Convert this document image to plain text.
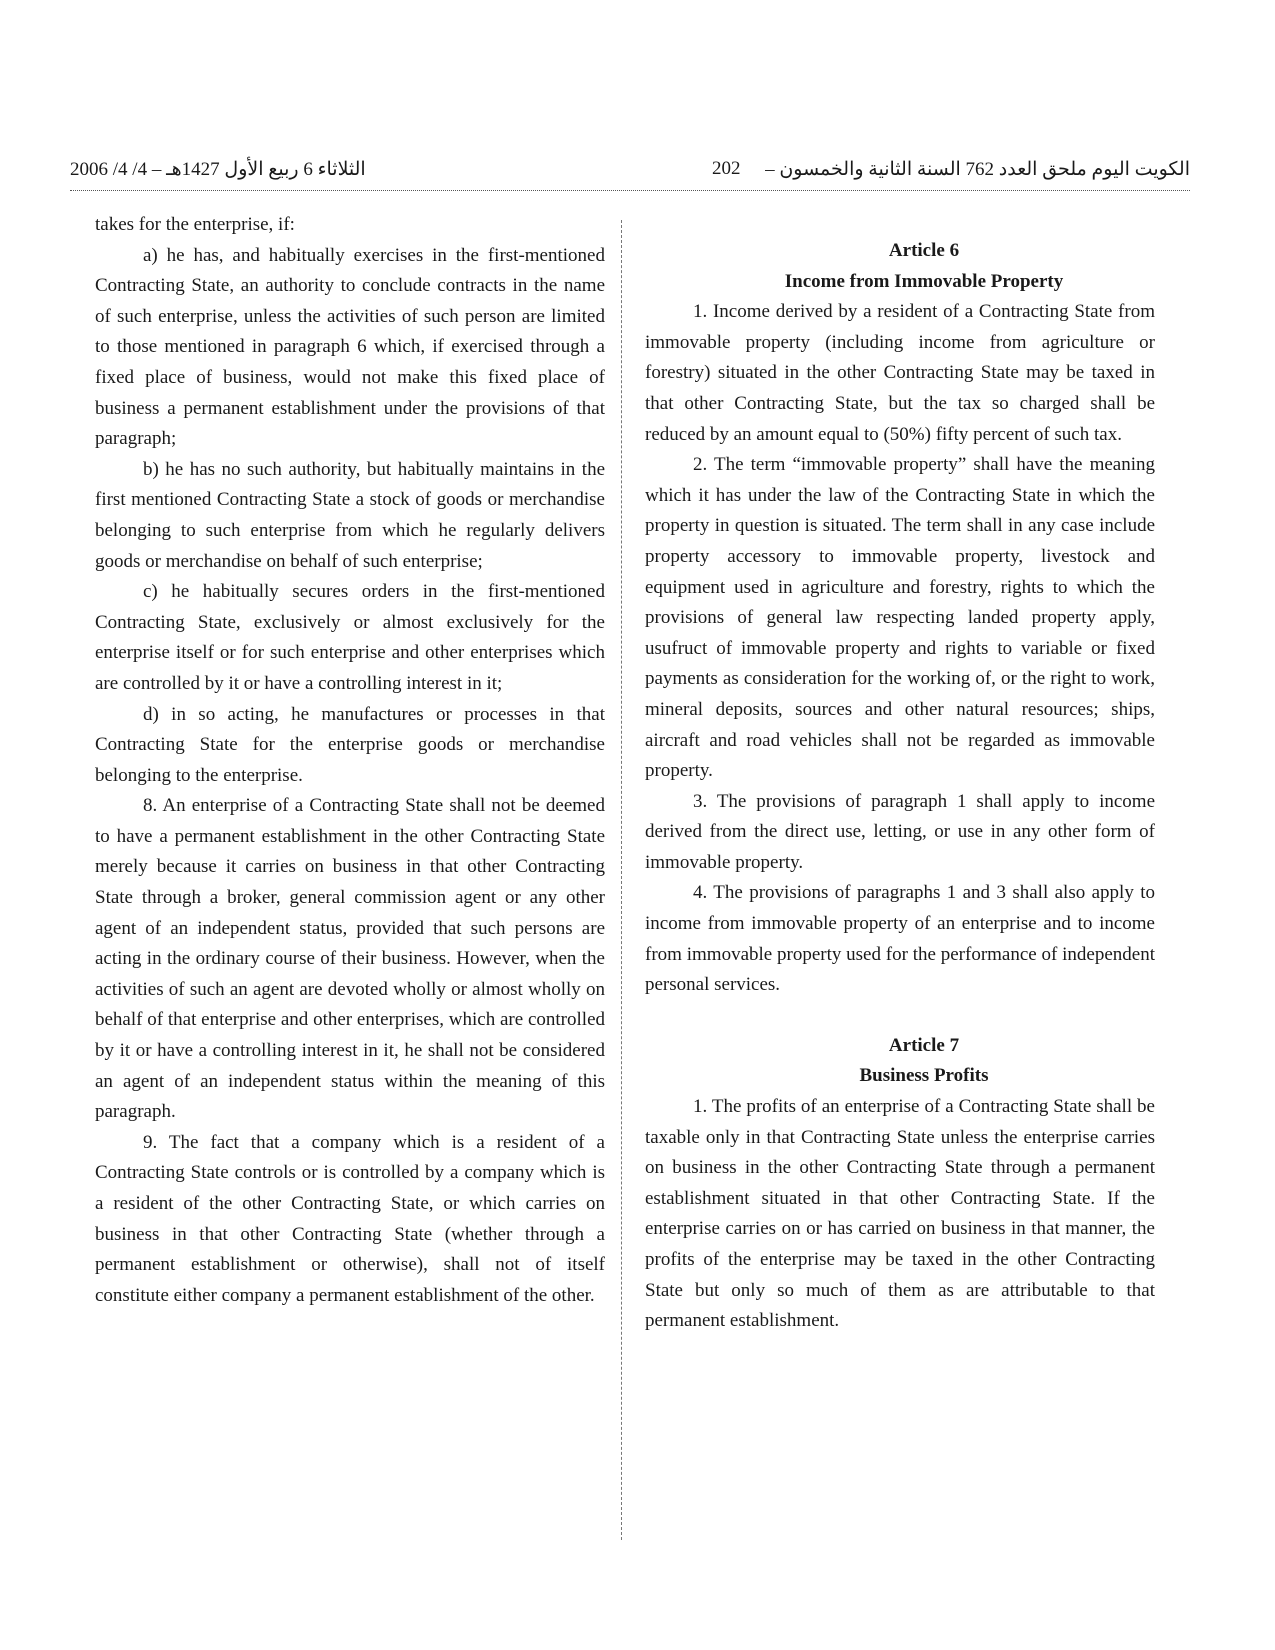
الثلاثاء 6 ربيع الأول 1427هـ – 4/ 4/ 2006	202 الكويت اليوم ملحق العدد 762 السنة الثانية والخمسون –

takes for the enterprise, if:

a) he has, and habitually exercises in the first-mentioned Contracting State, an authority to conclude contracts in the name of such enterprise, unless the activities of such person are limited to those mentioned in paragraph 6 which, if exercised through a fixed place of business, would not make this fixed place of business a permanent establishment under the provisions of that paragraph;

b) he has no such authority, but habitually maintains in the first mentioned Contracting State a stock of goods or merchandise belonging to such enterprise from which he regularly delivers goods or merchandise on behalf of such enterprise;

c) he habitually secures orders in the first-mentioned Contracting State, exclusively or almost exclusively for the enterprise itself or for such enterprise and other enterprises which are controlled by it or have a controlling interest in it;

d) in so acting, he manufactures or processes in that Contracting State for the enterprise goods or merchandise belonging to the enterprise.

8. An enterprise of a Contracting State shall not be deemed to have a permanent establishment in the other Contracting State merely because it carries on business in that other Contracting State through a broker, general commission agent or any other agent of an independent status, provided that such persons are acting in the ordinary course of their business. However, when the activities of such an agent are devoted wholly or almost wholly on behalf of that enterprise and other enterprises, which are controlled by it or have a controlling interest in it, he shall not be considered an agent of an independent status within the meaning of this paragraph.

9. The fact that a company which is a resident of a Contracting State controls or is controlled by a company which is a resident of the other Contracting State, or which carries on business in that other Contracting State (whether through a permanent establishment or otherwise), shall not of itself constitute either company a permanent establishment of the other.

Article 6

Income from Immovable Property

1. Income derived by a resident of a Contracting State from immovable property (including income from agriculture or forestry) situated in the other Contracting State may be taxed in that other Contracting State, but the tax so charged shall be reduced by an amount equal to (50%) fifty percent of such tax.

2. The term “immovable property” shall have the meaning which it has under the law of the Contracting State in which the property in question is situated. The term shall in any case include property accessory to immovable property, livestock and equipment used in agriculture and forestry, rights to which the provisions of general law respecting landed property apply, usufruct of immovable property and rights to variable or fixed payments as consideration for the working of, or the right to work, mineral deposits, sources and other natural resources; ships, aircraft and road vehicles shall not be regarded as immovable property.

3. The provisions of paragraph 1 shall apply to income derived from the direct use, letting, or use in any other form of immovable property.

4. The provisions of paragraphs 1 and 3 shall also apply to income from immovable property of an enterprise and to income from immovable property used for the performance of independent personal services.

Article 7

Business Profits

1. The profits of an enterprise of a Contracting State shall be taxable only in that Contracting State unless the enterprise carries on business in the other Contracting State through a permanent establishment situated in that other Contracting State. If the enterprise carries on or has carried on business in that manner, the profits of the enterprise may be taxed in the other Contracting State but only so much of them as are attributable to that permanent establishment.
